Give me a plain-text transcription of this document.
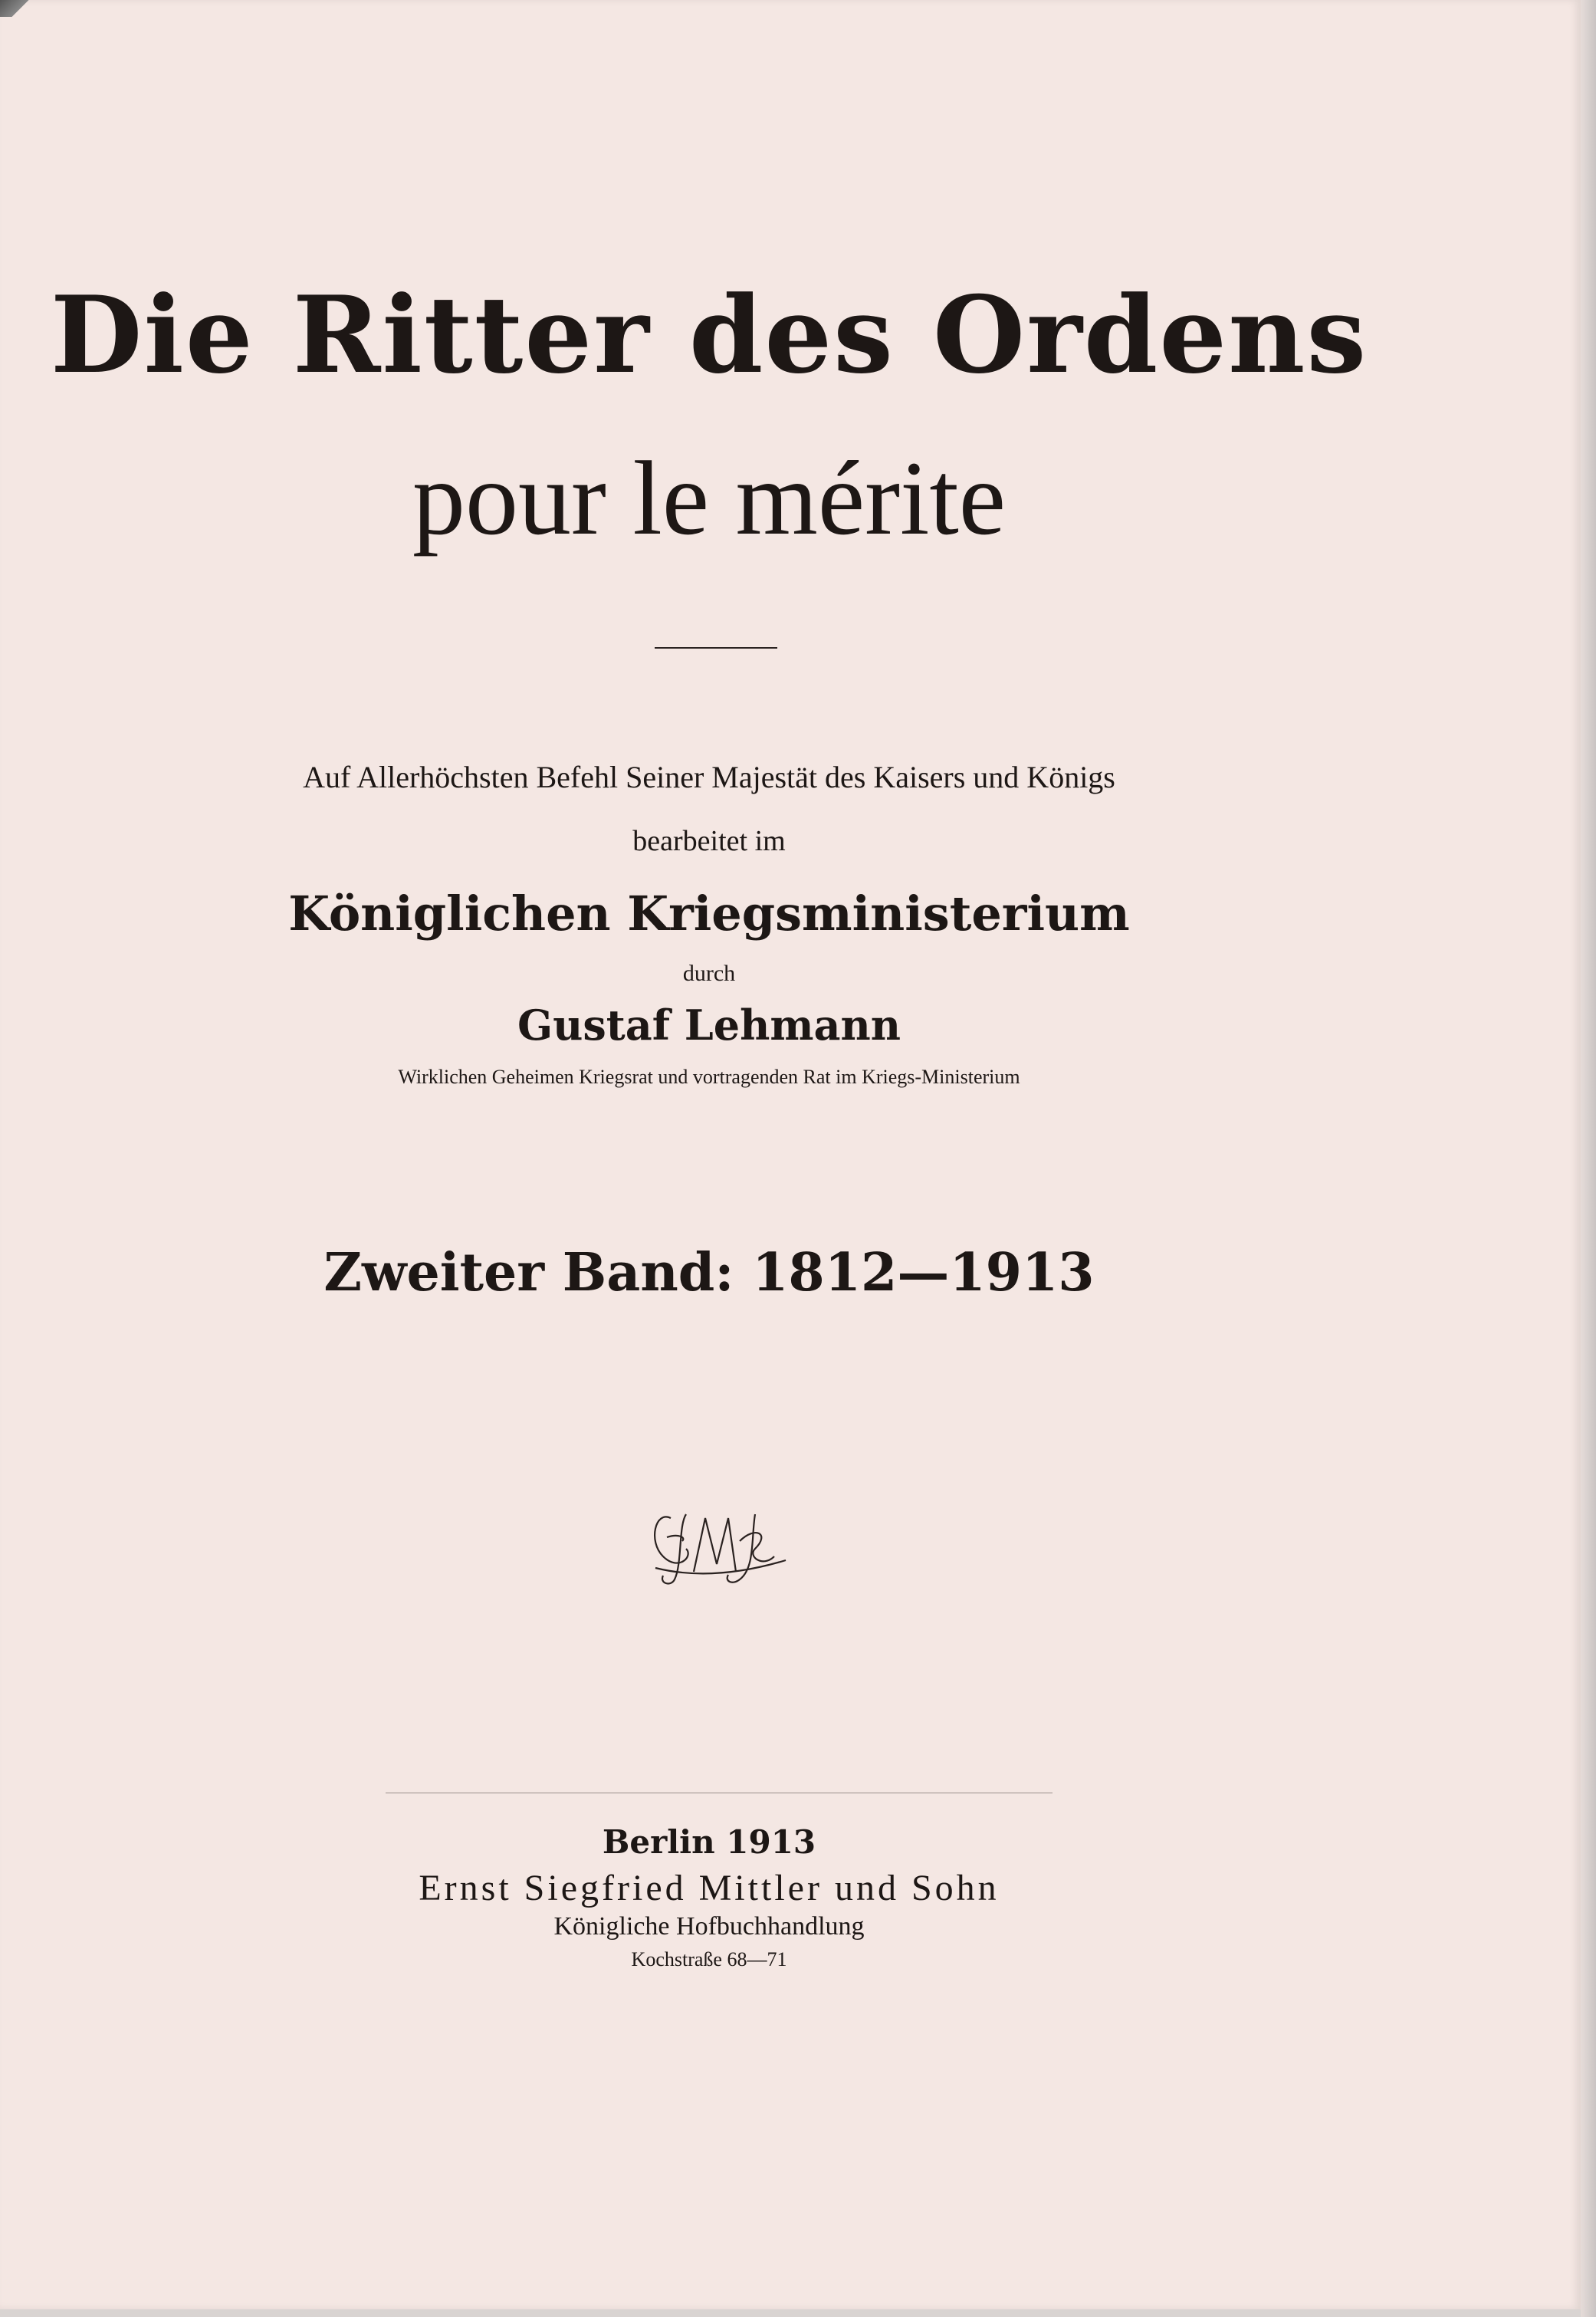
Die Ritter des Ordens
pour le mérite
Auf Allerhöchsten Befehl Seiner Majestät des Kaisers und Königs
bearbeitet im
Königlichen Kriegsministerium
durch
Gustaf Lehmann
Wirklichen Geheimen Kriegsrat und vortragenden Rat im Kriegs-Ministerium
Zweiter Band: 1812—1913
Berlin 1913
Ernst Siegfried Mittler und Sohn
Königliche Hofbuchhandlung
Kochstraße 68—71
